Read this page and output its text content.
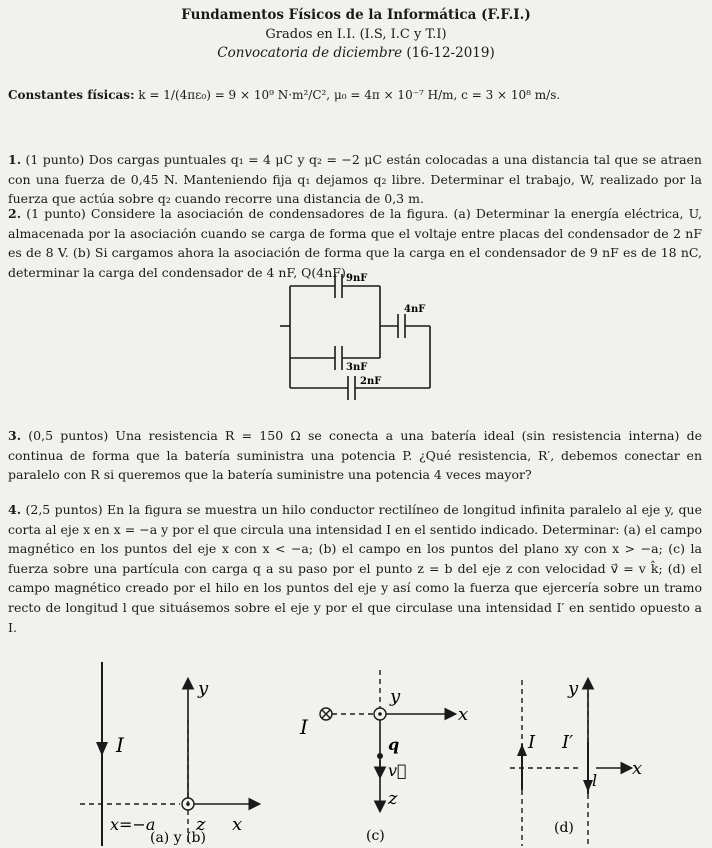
Fundamentos Físicos de la Informática (F.F.I.)
Grados en I.I. (I.S, I.C y T.I)
Convocatoria de diciembre (16-12-2019)
Constantes físicas: k = 1/(4πε₀) = 9 × 10⁹ N·m²/C², μ₀ = 4π × 10⁻⁷ H/m, c = 3 × 10⁸ m/s.
1. (1 punto) Dos cargas puntuales q₁ = 4 μC y q₂ = −2 μC están colocadas a una distancia tal que se atraen con una fuerza de 0,45 N. Manteniendo fija q₁ dejamos q₂ libre. Determinar el trabajo, W, realizado por la fuerza que actúa sobre q₂ cuando recorre una distancia de 0,3 m.
2. (1 punto) Considere la asociación de condensadores de la figura. (a) Determinar la energía eléctrica, U, almacenada por la asociación cuando se carga de forma que el voltaje entre placas del condensador de 2 nF es de 8 V. (b) Si cargamos ahora la asociación de forma que la carga en el condensador de 9 nF es de 18 nC, determinar la carga del condensador de 4 nF, Q(4nF).
9nF
3nF
4nF
2nF
3. (0,5 puntos) Una resistencia R = 150 Ω se conecta a una batería ideal (sin resistencia interna) de continua de forma que la batería suministra una potencia P. ¿Qué resistencia, R′, debemos conectar en paralelo con R si queremos que la batería suministre una potencia 4 veces mayor?
4. (2,5 puntos) En la figura se muestra un hilo conductor rectilíneo de longitud infinita paralelo al eje y, que corta al eje x en x = −a y por el que circula una intensidad I en el sentido indicado. Determinar: (a) el campo magnético en los puntos del eje x con x < −a; (b) el campo en los puntos del plano xy con x > −a; (c) la fuerza sobre una partícula con carga q a su paso por el punto z = b del eje z con velocidad v⃗ = v k̂; (d) el campo magnético creado por el hilo en los puntos del eje y así como la fuerza que ejercería sobre un tramo recto de longitud l que situásemos sobre el eje y por el que circulase una intensidad I′ en sentido opuesto a I.
I
y
x=−a z x
(a) y (b)
I
y
x
q
v⃗
z
(c)
I I′
y
l
x
(d)
